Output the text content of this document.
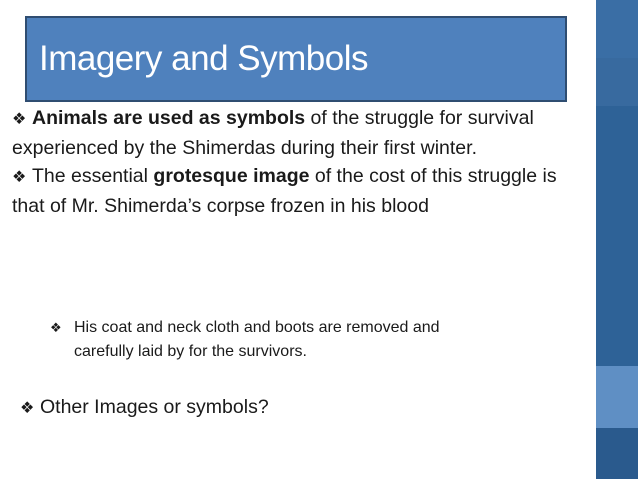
Imagery and Symbols

❖ Animals are used as symbols of the struggle for survival experienced by the Shimerdas during their first winter.

❖ The essential grotesque image of the cost of this struggle is that of Mr. Shimerda’s corpse frozen in his blood

❖ His coat and neck cloth and boots are removed and
carefully laid by for the survivors.
❖ Other Images or symbols?
